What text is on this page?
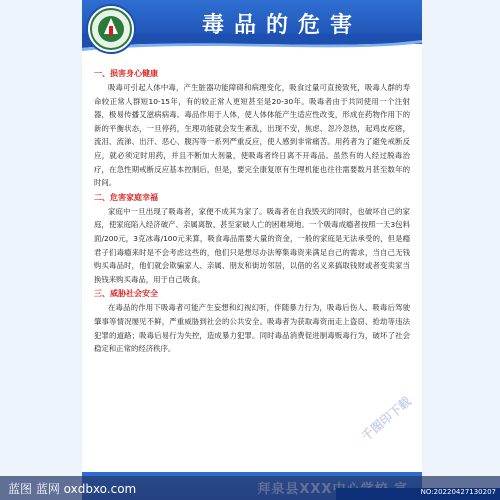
毒品的危害
一、损害身心健康

吸毒可引起人体中毒，产生脏器功能障碍和病理变化，吸食过量可直接致死，吸毒人群的寿命较正常人群短10-15年，有的较正常人更短甚至是20-30年。吸毒者由于共同使用一个注射器，极易传播艾滋病病毒。毒品作用于人体，使人体体能产生适应性改变，形成在药物作用下的新的平衡状态，一旦停药，生理功能就会发生紊乱，出现不安，焦虑、忽冷忽热，起鸡皮疙瘩，流泪、流涕、出汗、恶心、腹泻等一系列严重反应，使人感到非常痛苦。用药者为了避免戒断反应，就必须定时用药，并且不断加大剂量，使吸毒者终日离不开毒品。虽然有的人经过脱毒治疗，在急性期戒断反应基本控制后，但是，要完全康复原有生理机能也往往需要数月甚至数年的时间。

二、危害家庭幸福

家庭中一旦出现了吸毒者，家便不成其为家了。吸毒者在自我毁灭的同时，也破坏自己的家庭，使家庭陷入经济破产、亲属离散、甚至家破人亡的困难境地。一个吸毒成瘾者按照一天3包料面/200元，3克冰毒/100元来算，吸食毒品需要大量的资金，一般的家庭是无法承受的，但是瘾君子们毒瘾来时是不会考虑这些的，他们只是想尽办法筹集毒资来满足自己的需求，当自己无钱购买毒品时，他们就会欺骗家人、亲属、朋友和街坊邻居，以借的名义来搞取钱财或者变卖家当换钱来购买毒品，用于自己吸食。

三、威胁社会安全

在毒品的作用下吸毒者可能产生妄想和幻视幻听，伴随暴力行为，吸毒后伤人、吸毒后驾驶肇事等情况屡见不鲜，严重威胁到社会的公共安全。吸毒者为获取毒资而走上盗窃、抢劫等违法犯罪的道路；吸毒后易行为失控，造成暴力犯罪。同时毒品消费促进制毒贩毒行为，破坏了社会稳定和正常的经济秩序。

千图印下载
蓝图 蓝网 oxdbxo.com	NO:20220427130207
